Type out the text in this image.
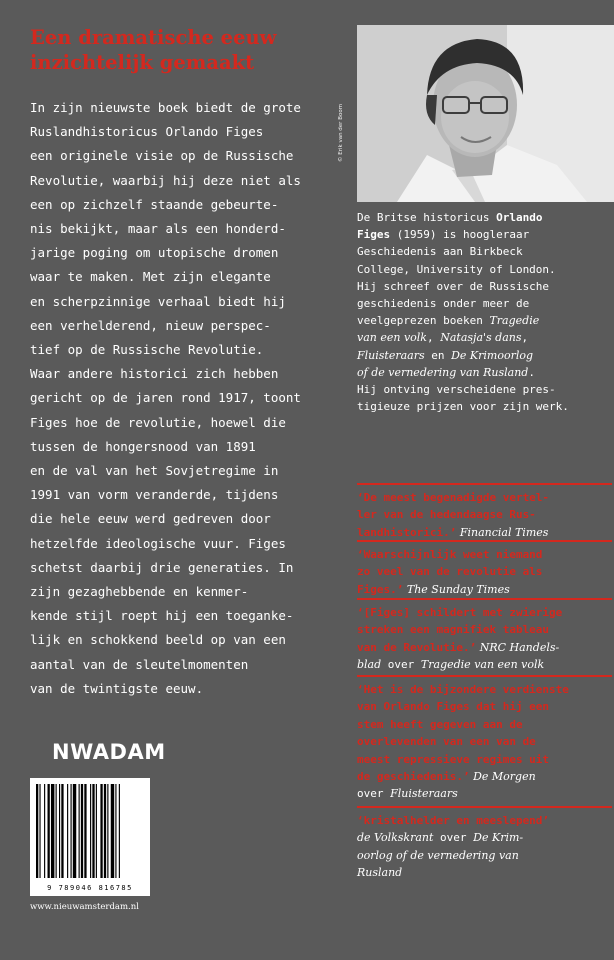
Een dramatische eeuw
inzichtelijk gemaakt
In zijn nieuwste boek biedt de grote
Ruslandhistoricus Orlando Figes
een originele visie op de Russische
Revolutie, waarbij hij deze niet als
een op zichzelf staande gebeurte-
nis bekijkt, maar als een honderd-
jarige poging om utopische dromen
waar te maken. Met zijn elegante
en scherpzinnige verhaal biedt hij
een verhelderend, nieuw perspec-
tief op de Russische Revolutie.
Waar andere historici zich hebben
gericht op de jaren rond 1917, toont
Figes hoe de revolutie, hoewel die
tussen de hongersnood van 1891
en de val van het Sovjetregime in
1991 van vorm veranderde, tijdens
die hele eeuw werd gedreven door
hetzelfde ideologische vuur. Figes
schetst daarbij drie generaties. In
zijn gezaghebbende en kenmer-
kende stijl roept hij een toeganke-
lijk en schokkend beeld op van een
aantal van de sleutelmomenten
van de twintigste eeuw.
© Erik van der Boom
De Britse historicus Orlando
Figes (1959) is hoogleraar
Geschiedenis aan Birkbeck
College, University of London.
Hij schreef over de Russische
geschiedenis onder meer de
veelgeprezen boeken Tragedie
van een volk, Natasja's dans,
Fluisteraars en De Krimoorlog
of de vernedering van Rusland.
Hij ontving verscheidene pres-
tigieuze prijzen voor zijn werk.
‘De meest begenadigde vertel-
ler van de hedendaagse Rus-
landhistorici.’ Financial Times
‘Waarschijnlijk weet niemand
zo veel van de revolutie als
Figes.’ The Sunday Times
‘[Figes] schildert met zwierige
streken een magnifiek tableau
van de Revolutie.’ NRC Handels-
blad over Tragedie van een volk
‘Het is de bijzondere verdienste
van Orlando Figes dat hij een
stem heeft gegeven aan de
overlevenden van een van de
meest repressieve regimes uit
de geschiedenis.’ De Morgen
over Fluisteraars
‘kristalhelder en meeslepend’
de Volkskrant over De Krim-
oorlog of de vernedering van
Rusland
NWADAM
9 789046 816785
www.nieuwamsterdam.nl
